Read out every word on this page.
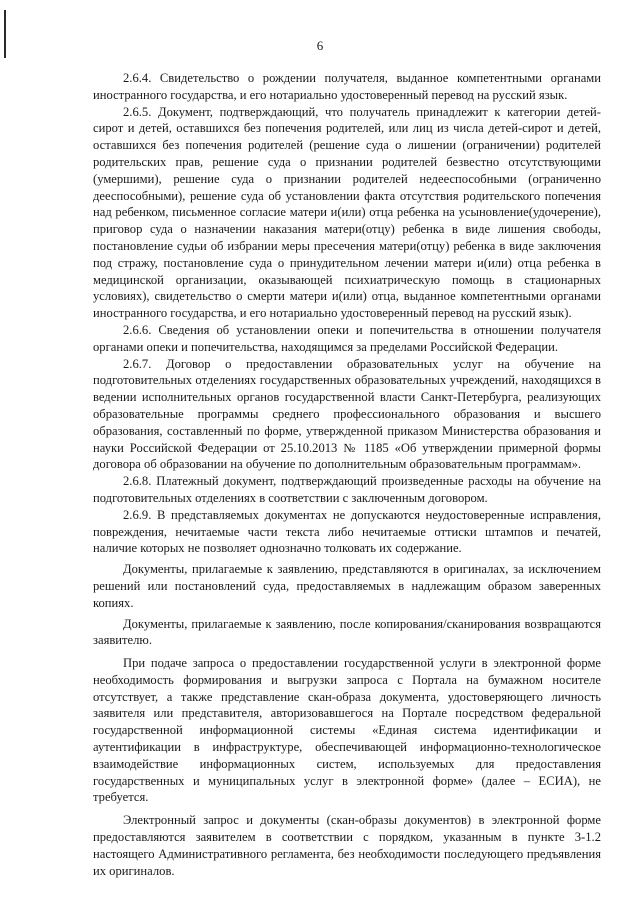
6

2.6.4. Свидетельство о рождении получателя, выданное компетентными органами иностранного государства, и его нотариально удостоверенный перевод на русский язык.

2.6.5. Документ, подтверждающий, что получатель принадлежит к категории детей-сирот и детей, оставшихся без попечения родителей, или лиц из числа детей-сирот и детей, оставшихся без попечения родителей (решение суда о лишении (ограничении) родителей родительских прав, решение суда о признании родителей безвестно отсутствующими (умершими), решение суда о признании родителей недееспособными (ограниченно дееспособными), решение суда об установлении факта отсутствия родительского попечения над ребенком, письменное согласие матери и(или) отца ребенка на усыновление(удочерение), приговор суда о назначении наказания матери(отцу) ребенка в виде лишения свободы, постановление судьи об избрании меры пресечения матери(отцу) ребенка в виде заключения под стражу, постановление суда о принудительном лечении матери и(или) отца ребенка в медицинской организации, оказывающей психиатрическую помощь в стационарных условиях), свидетельство о смерти матери и(или) отца, выданное компетентными органами иностранного государства, и его нотариально удостоверенный перевод на русский язык).

2.6.6. Сведения об установлении опеки и попечительства в отношении получателя органами опеки и попечительства, находящимся за пределами Российской Федерации.

2.6.7. Договор о предоставлении образовательных услуг на обучение на подготовительных отделениях государственных образовательных учреждений, находящихся в ведении исполнительных органов государственной власти Санкт-Петербурга, реализующих образовательные программы среднего профессионального образования и высшего образования, составленный по форме, утвержденной приказом Министерства образования и науки Российской Федерации от 25.10.2013 № 1185 «Об утверждении примерной формы договора об образовании на обучение по дополнительным образовательным программам».

2.6.8. Платежный документ, подтверждающий произведенные расходы на обучение на подготовительных отделениях в соответствии с заключенным договором.

2.6.9. В представляемых документах не допускаются неудостоверенные исправления, повреждения, нечитаемые части текста либо нечитаемые оттиски штампов и печатей, наличие которых не позволяет однозначно толковать их содержание.

Документы, прилагаемые к заявлению, представляются в оригиналах, за исключением решений или постановлений суда, предоставляемых в надлежащим образом заверенных копиях.

Документы, прилагаемые к заявлению, после копирования/сканирования возвращаются заявителю.

При подаче запроса о предоставлении государственной услуги в электронной форме необходимость формирования и выгрузки запроса с Портала на бумажном носителе отсутствует, а также представление скан-образа документа, удостоверяющего личность заявителя или представителя, авторизовавшегося на Портале посредством федеральной государственной информационной системы «Единая система идентификации и аутентификации в инфраструктуре, обеспечивающей информационно-технологическое взаимодействие информационных систем, используемых для предоставления государственных и муниципальных услуг в электронной форме» (далее – ЕСИА), не требуется.

Электронный запрос и документы (скан-образы документов) в электронной форме предоставляются заявителем в соответствии с порядком, указанным в пункте 3-1.2 настоящего Административного регламента, без необходимости последующего предъявления их оригиналов.
